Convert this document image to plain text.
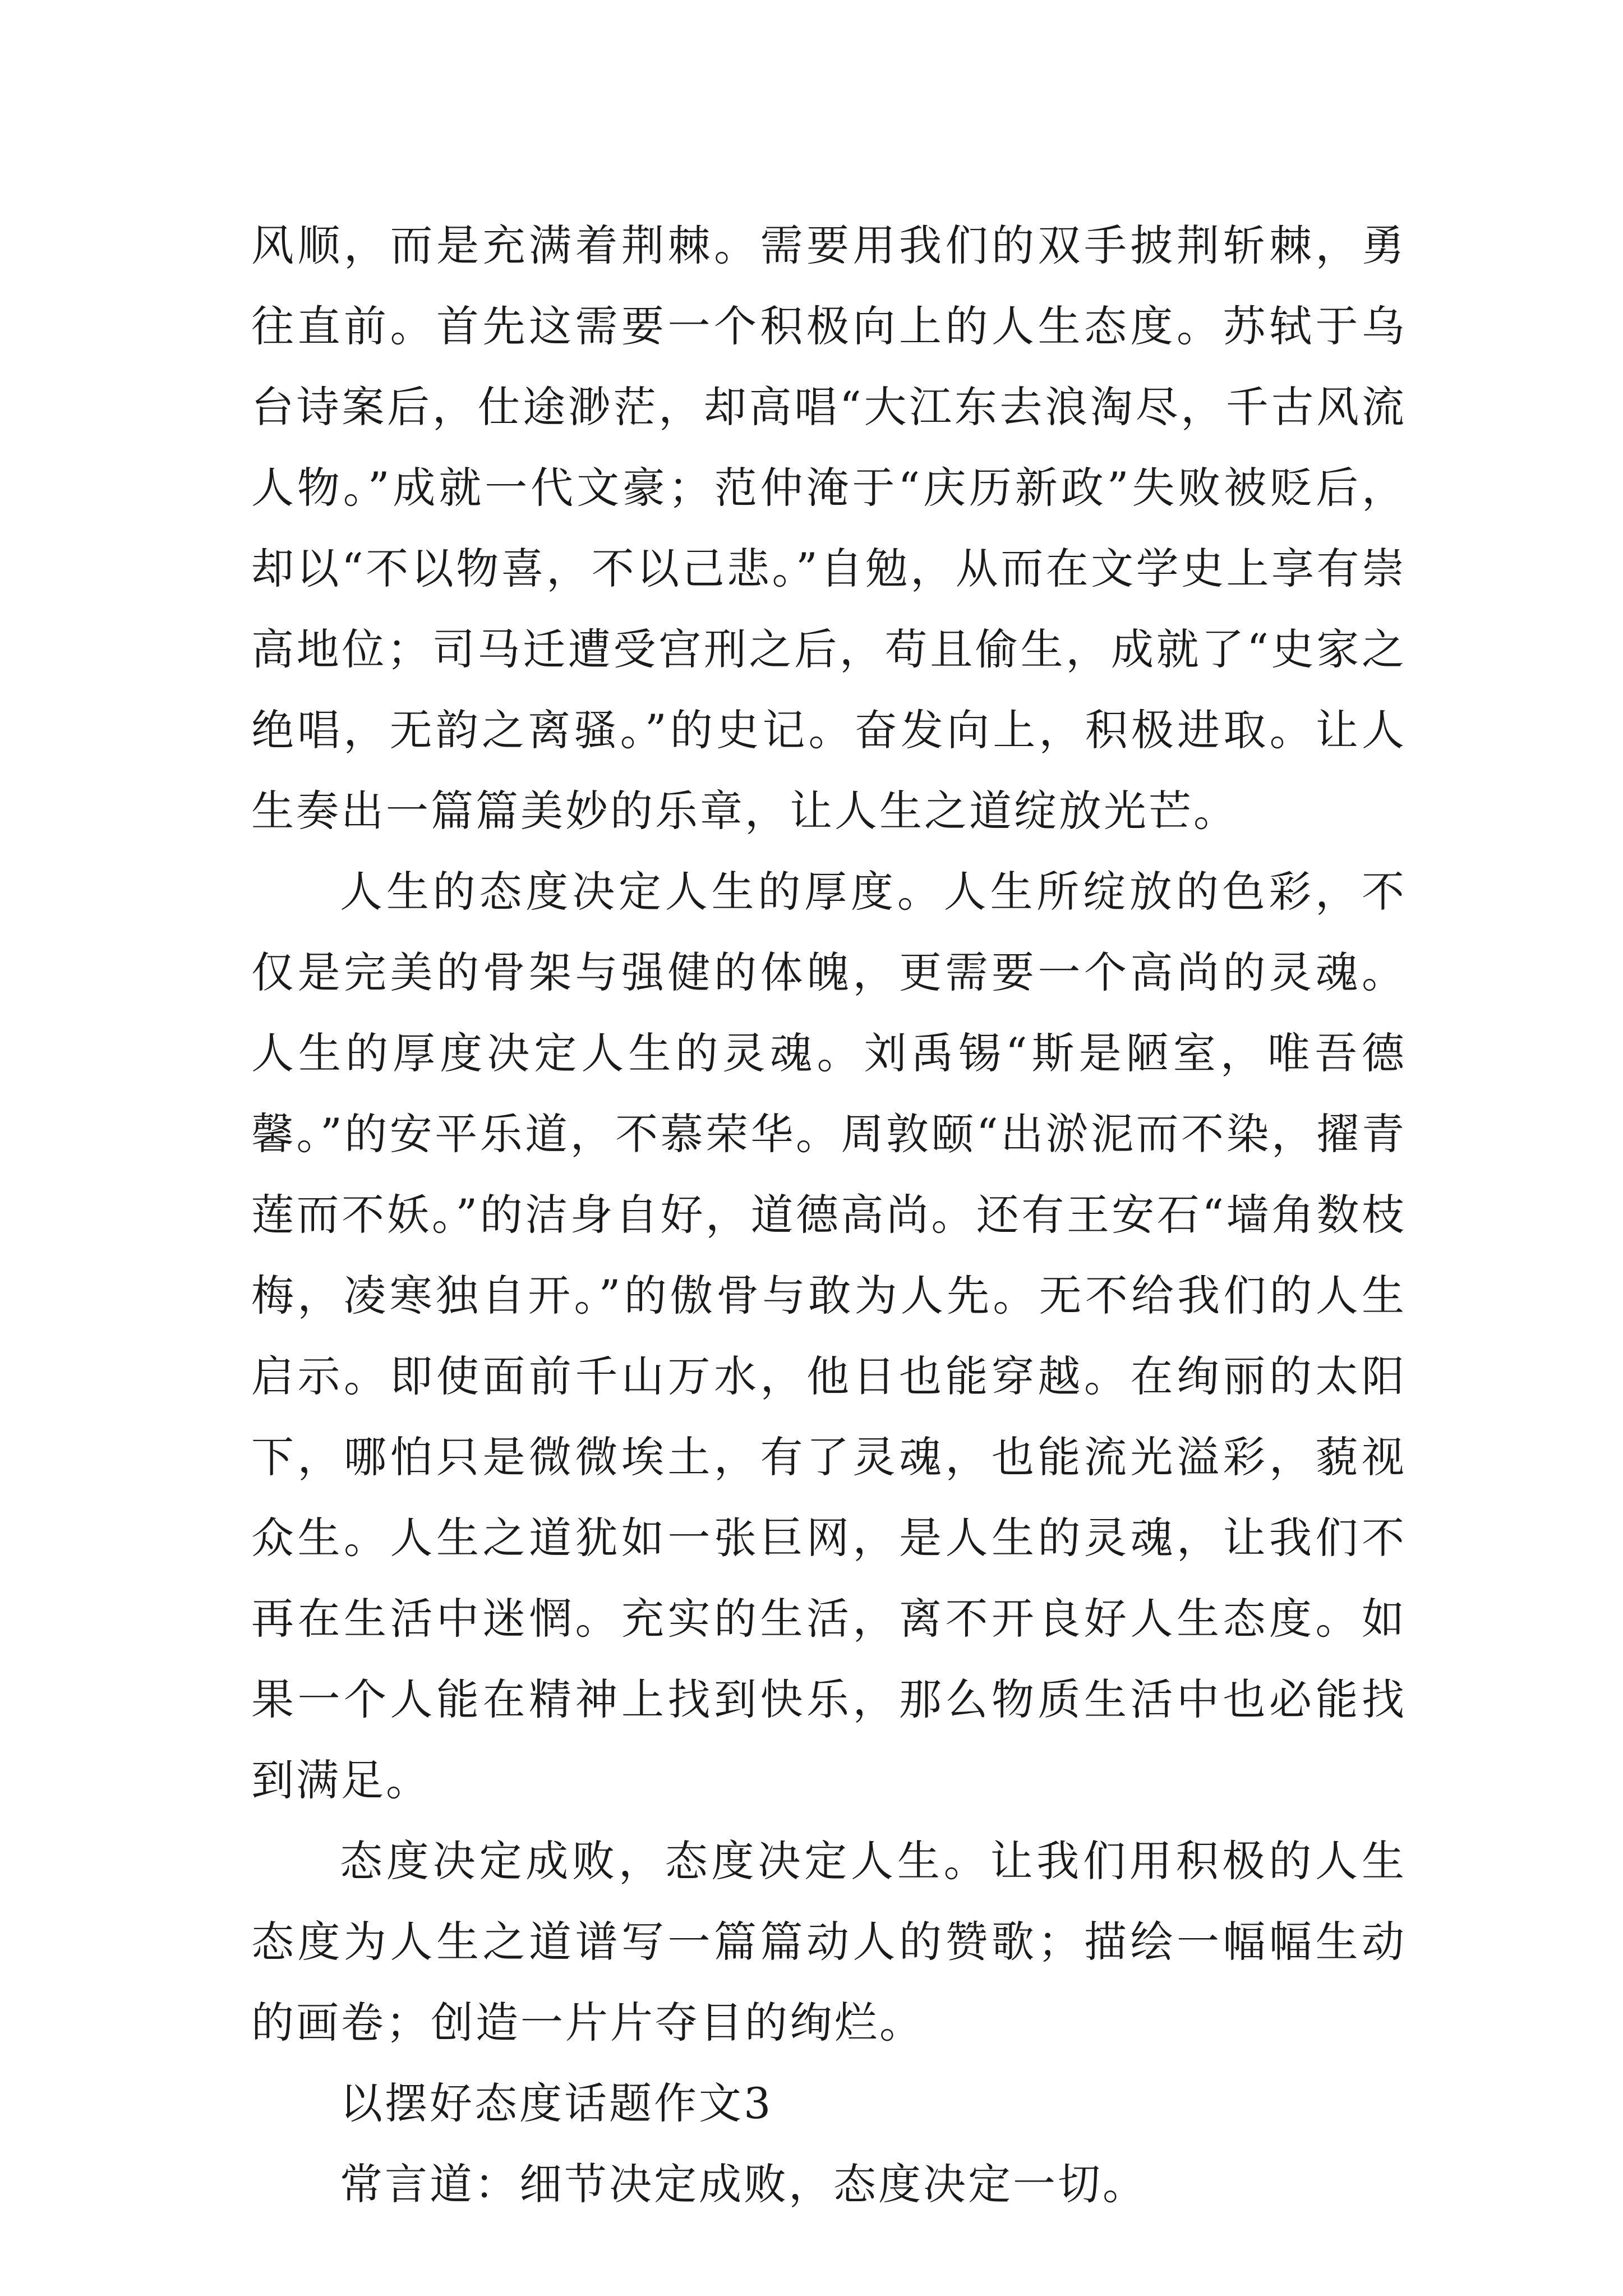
风顺，而是充满着荆棘。需要用我们的双手披荆斩棘，勇往直前。首先这需要一个积极向上的人生态度。苏轼于乌台诗案后，仕途渺茫，却高唱“大江东去浪淘尽，千古风流人物。”成就一代文豪；范仲淹于“庆历新政”失败被贬后，却以“不以物喜，不以己悲。”自勉，从而在文学史上享有崇高地位；司马迁遭受宫刑之后，苟且偷生，成就了“史家之绝唱，无韵之离骚。”的史记。奋发向上，积极进取。让人生奏出一篇篇美妙的乐章，让人生之道绽放光芒。

人生的态度决定人生的厚度。人生所绽放的色彩，不仅是完美的骨架与强健的体魄，更需要一个高尚的灵魂。人生的厚度决定人生的灵魂。刘禹锡“斯是陋室，唯吾德馨。”的安平乐道，不慕荣华。周敦颐“出淤泥而不染，擢青莲而不妖。”的洁身自好，道德高尚。还有王安石“墙角数枝梅，凌寒独自开。”的傲骨与敢为人先。无不给我们的人生启示。即使面前千山万水，他日也能穿越。在绚丽的太阳下，哪怕只是微微埃土，有了灵魂，也能流光溢彩，藐视众生。人生之道犹如一张巨网，是人生的灵魂，让我们不再在生活中迷惘。充实的生活，离不开良好人生态度。如果一个人能在精神上找到快乐，那么物质生活中也必能找到满足。

态度决定成败，态度决定人生。让我们用积极的人生态度为人生之道谱写一篇篇动人的赞歌；描绘一幅幅生动的画卷；创造一片片夺目的绚烂。

以摆好态度话题作文3

常言道：细节决定成败，态度决定一切。
